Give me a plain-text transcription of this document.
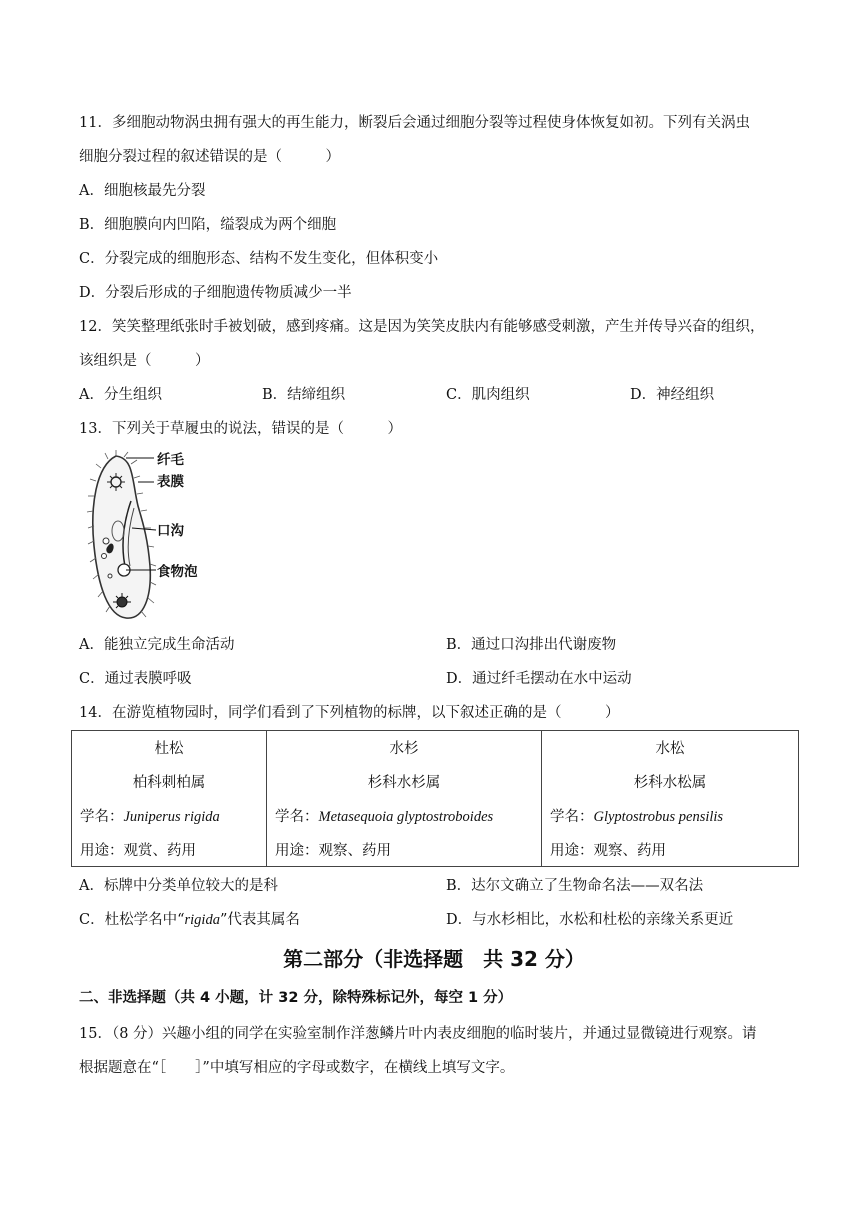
11．多细胞动物涡虫拥有强大的再生能力，断裂后会通过细胞分裂等过程使身体恢复如初。下列有关涡虫
细胞分裂过程的叙述错误的是（　　　）
A．细胞核最先分裂
B．细胞膜向内凹陷，缢裂成为两个细胞
C．分裂完成的细胞形态、结构不发生变化，但体积变小
D．分裂后形成的子细胞遗传物质减少一半
12．笑笑整理纸张时手被划破，感到疼痛。这是因为笑笑皮肤内有能够感受刺激，产生并传导兴奋的组织，
该组织是（　　　）
A．分生组织	B．结缔组织	C．肌肉组织	D．神经组织
13．下列关于草履虫的说法，错误的是（　　　）
纤毛
表膜
口沟
食物泡
A．能独立完成生命活动	B．通过口沟排出代谢废物
C．通过表膜呼吸	D．通过纤毛摆动在水中运动
14．在游览植物园时，同学们看到了下列植物的标牌，以下叙述正确的是（　　　）
杜松
柏科刺柏属
学名：Juniperus rigida
用途：观赏、药用

水杉
杉科水杉属
学名：Metasequoia glyptostroboides
用途：观察、药用

水松
杉科水松属
学名：Glyptostrobus pensilis
用途：观察、药用
A．标牌中分类单位较大的是科	B．达尔文确立了生物命名法——双名法
C．杜松学名中“rigida”代表其属名	D．与水杉相比，水松和杜松的亲缘关系更近
第二部分（非选择题　共 32 分）
二、非选择题（共 4 小题，计 32 分，除特殊标记外，每空 1 分）
15．（8 分）兴趣小组的同学在实验室制作洋葱鳞片叶内表皮细胞的临时装片，并通过显微镜进行观察。请
根据题意在“［　　］”中填写相应的字母或数字，在横线上填写文字。
